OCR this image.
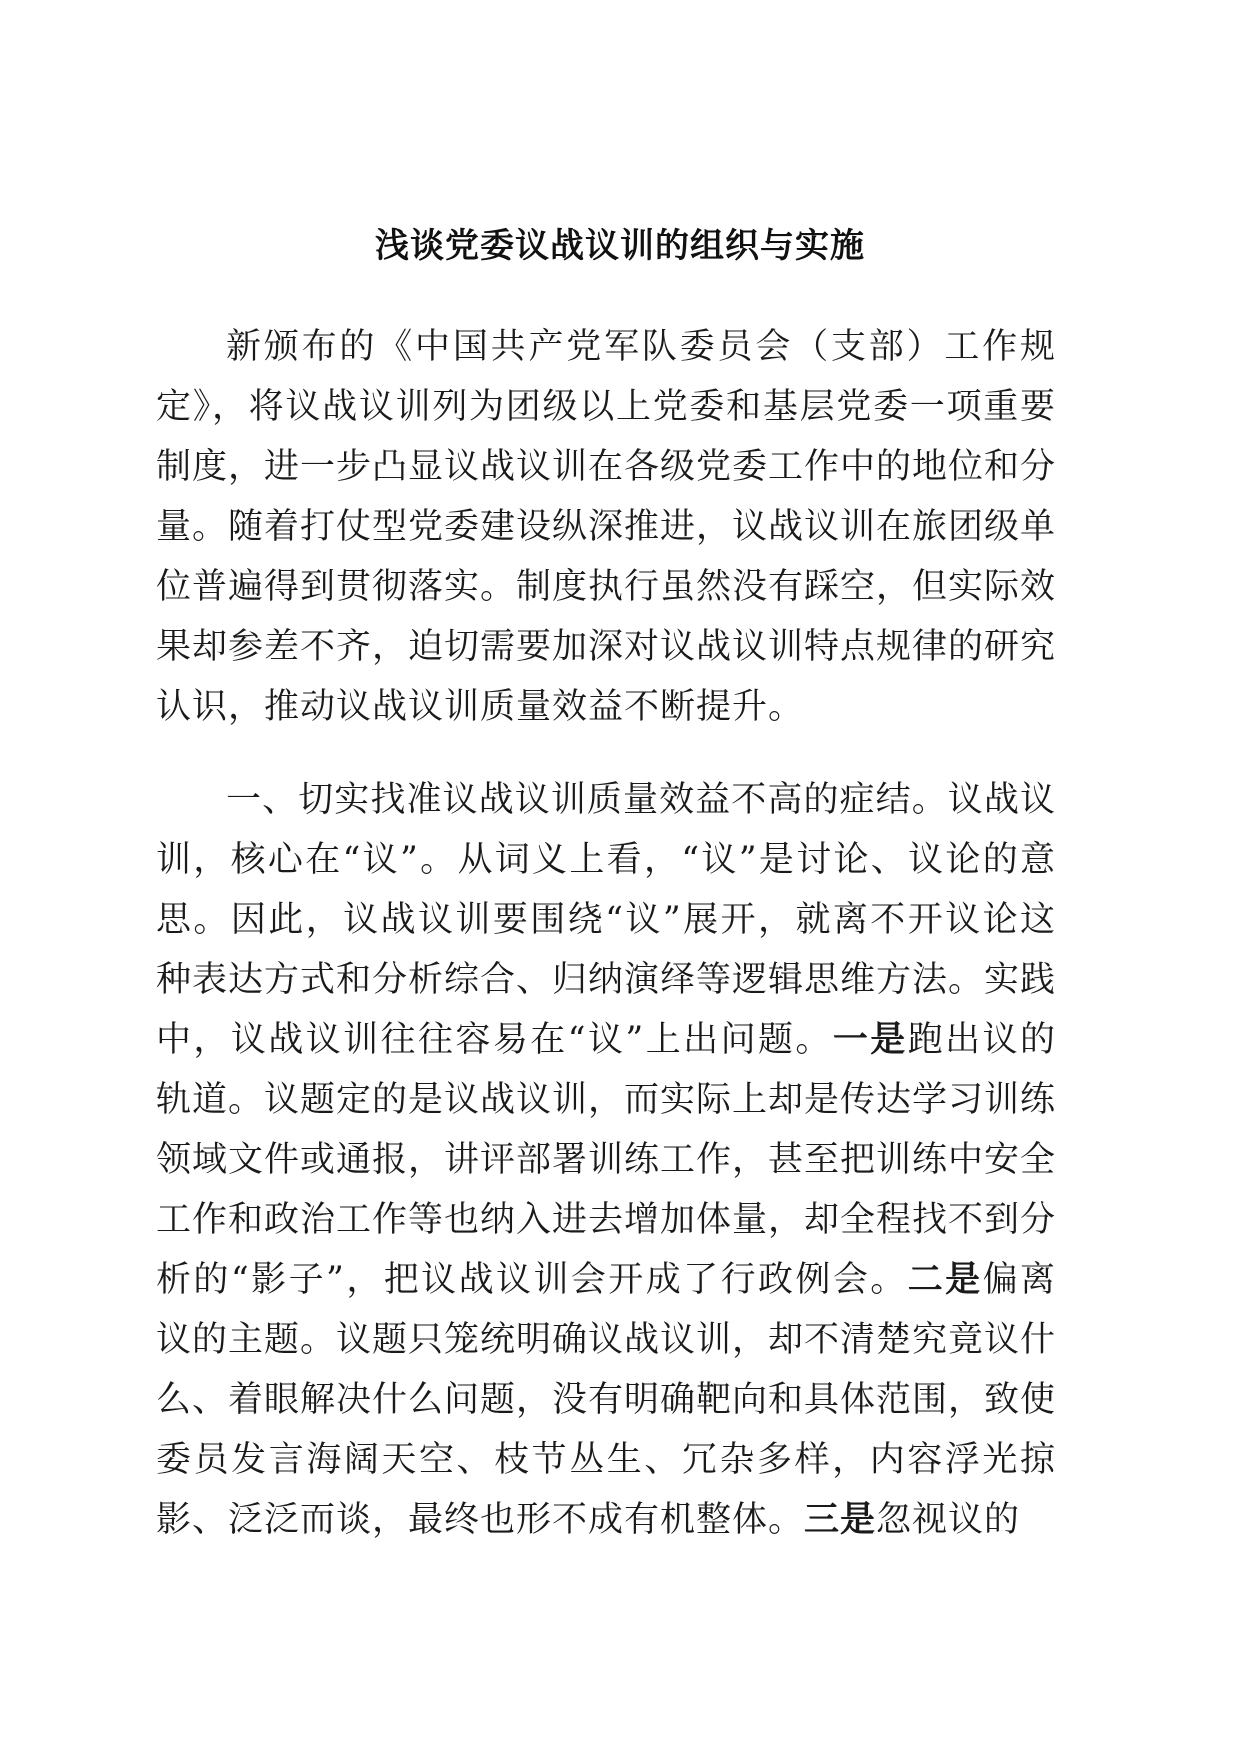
浅谈党委议战议训的组织与实施

新颁布的《中国共产党军队委员会（支部）工作规定》，将议战议训列为团级以上党委和基层党委一项重要制度，进一步凸显议战议训在各级党委工作中的地位和分量。随着打仗型党委建设纵深推进，议战议训在旅团级单位普遍得到贯彻落实。制度执行虽然没有踩空，但实际效果却参差不齐，迫切需要加深对议战议训特点规律的研究认识，推动议战议训质量效益不断提升。

一、切实找准议战议训质量效益不高的症结。议战议训，核心在“议”。从词义上看，“议”是讨论、议论的意思。因此，议战议训要围绕“议”展开，就离不开议论这种表达方式和分析综合、归纳演绎等逻辑思维方法。实践中，议战议训往往容易在“议”上出问题。一是跑出议的轨道。议题定的是议战议训，而实际上却是传达学习训练领域文件或通报，讲评部署训练工作，甚至把训练中安全工作和政治工作等也纳入进去增加体量，却全程找不到分析的“影子”，把议战议训会开成了行政例会。二是偏离议的主题。议题只笼统明确议战议训，却不清楚究竟议什么、着眼解决什么问题，没有明确靶向和具体范围，致使委员发言海阔天空、枝节丛生、冗杂多样，内容浮光掠影、泛泛而谈，最终也形不成有机整体。三是忽视议的
